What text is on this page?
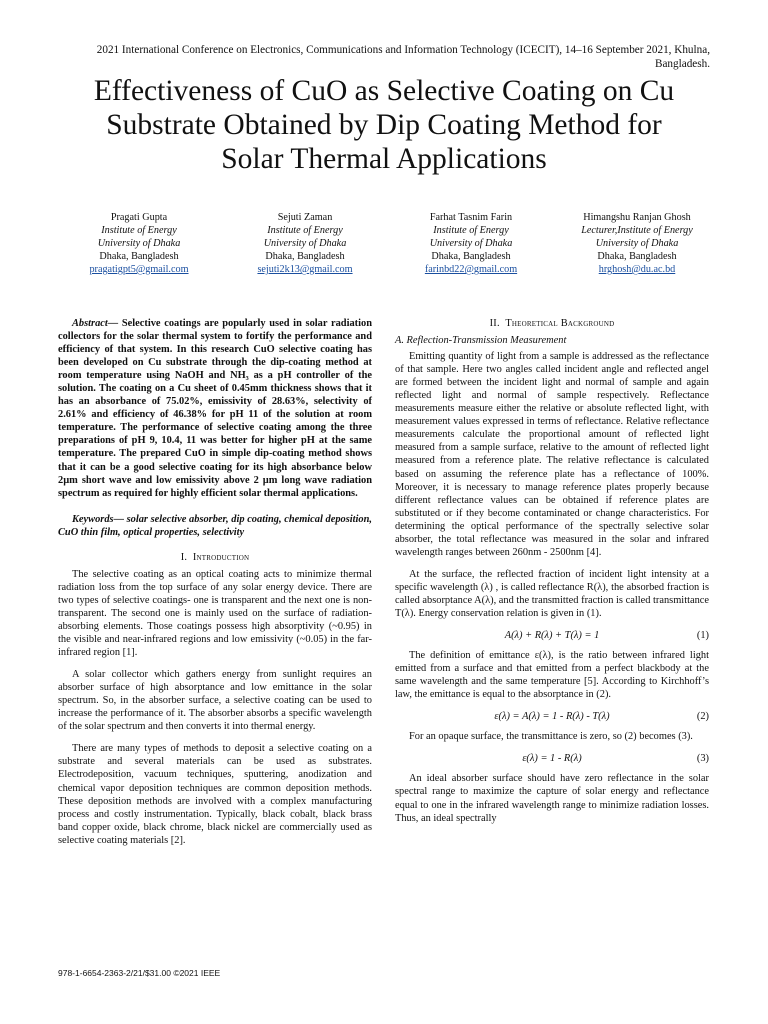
2021 International Conference on Electronics, Communications and Information Technology (ICECIT), 14–16 September 2021, Khulna, Bangladesh.
Effectiveness of CuO as Selective Coating on Cu
Substrate Obtained by Dip Coating Method for
Solar Thermal Applications
Pragati Gupta
Institute of Energy
University of Dhaka
Dhaka, Bangladesh
pragatigpt5@gmail.com
Sejuti Zaman
Institute of Energy
University of Dhaka
Dhaka, Bangladesh
sejuti2k13@gmail.com
Farhat Tasnim Farin
Institute of Energy
University of Dhaka
Dhaka, Bangladesh
farinbd22@gmail.com
Himangshu Ranjan Ghosh
Lecturer,Institute of Energy
University of Dhaka
Dhaka, Bangladesh
hrghosh@du.ac.bd

Abstract— Selective coatings are popularly used in solar radiation collectors for the solar thermal system to fortify the performance and efficiency of that system. In this research CuO selective coating has been developed on Cu substrate through the dip-coating method at room temperature using NaOH and NH₃ as a pH controller of the solution. The coating on a Cu sheet of 0.45mm thickness shows that it has an absorbance of 75.02%, emissivity of 28.63%, selectivity of 2.61% and efficiency of 46.38% for pH 11 of the solution at room temperature. The performance of selective coating among the three preparations of pH 9, 10.4, 11 was better for higher pH at the same temperature. The prepared CuO in simple dip-coating method shows that it can be a good selective coating for its high absorbance below 2µm short wave and low emissivity above 2 µm long wave radiation spectrum as required for highly efficient solar thermal applications.

Keywords— solar selective absorber, dip coating, chemical deposition, CuO thin film, optical properties, selectivity

I. Introduction

The selective coating as an optical coating acts to minimize thermal radiation loss from the top surface of any solar energy device. There are two types of selective coatings- one is transparent and the next one is non-transparent. The second one is mainly used on the surface of radiation-absorbing elements. Those coatings possess high absorptivity (~0.95) in the visible and near-infrared regions and low emissivity (~0.05) in the far-infrared region [1].

A solar collector which gathers energy from sunlight requires an absorber surface of high absorptance and low emittance in the solar spectrum. So, in the absorber surface, a selective coating can be used to increase the performance of it. The absorber absorbs a specific wavelength of the solar spectrum and then converts it into thermal energy.

There are many types of methods to deposit a selective coating on a substrate and several materials can be used as substrates. Electrodeposition, vacuum techniques, sputtering, anodization and chemical vapor deposition techniques are common deposition methods. These deposition methods are involved with a complex manufacturing process and costly instrumentation. Typically, black cobalt, black brass band copper oxide, black chrome, black nickel are commercially used as selective coating materials [2].

II. Theoretical Background
A. Reflection-Transmission Measurement

Emitting quantity of light from a sample is addressed as the reflectance of that sample. Here two angles called incident angle and reflected angel are formed between the incident light and normal of sample and again reflected light and normal of sample respectively. Reflectance measurements measure either the relative or absolute reflected light, with measurement values expressed in terms of reflectance. Relative reflectance measurements calculate the proportional amount of reflected light measured from a sample surface, relative to the amount of reflected light measured from a reference plate. The relative reflectance is calculated based on assuming the reference plate has a reflectance of 100%. Moreover, it is necessary to manage reference plates properly because different reflectance values can be obtained if reference plates are substituted or if they become contaminated or change characteristics. For determining the optical performance of the spectrally selective solar absorber, the total reflectance was measured in the solar and infrared wavelength ranges between 260nm - 2500nm [4].

At the surface, the reflected fraction of incident light intensity at a specific wavelength (λ) , is called reflectance R(λ), the absorbed fraction is called absorptance A(λ), and the transmitted fraction is called transmittance T(λ). Energy conservation relation is given in (1).

A(λ) + R(λ) + T(λ) = 1	(1)

The definition of emittance ε(λ), is the ratio between infrared light emitted from a surface and that emitted from a perfect blackbody at the same wavelength and the same temperature [5]. According to Kirchhoff’s law, the emittance is equal to the absorptance in (2).

ε(λ) = A(λ) = 1 - R(λ) - T(λ)	(2)

For an opaque surface, the transmittance is zero, so (2) becomes (3).

ε(λ) = 1 - R(λ)	(3)

An ideal absorber surface should have zero reflectance in the solar spectral range to maximize the capture of solar energy and reflectance equal to one in the infrared wavelength range to minimize radiation losses. Thus, an ideal spectrally

978-1-6654-2363-2/21/$31.00 ©2021 IEEE
